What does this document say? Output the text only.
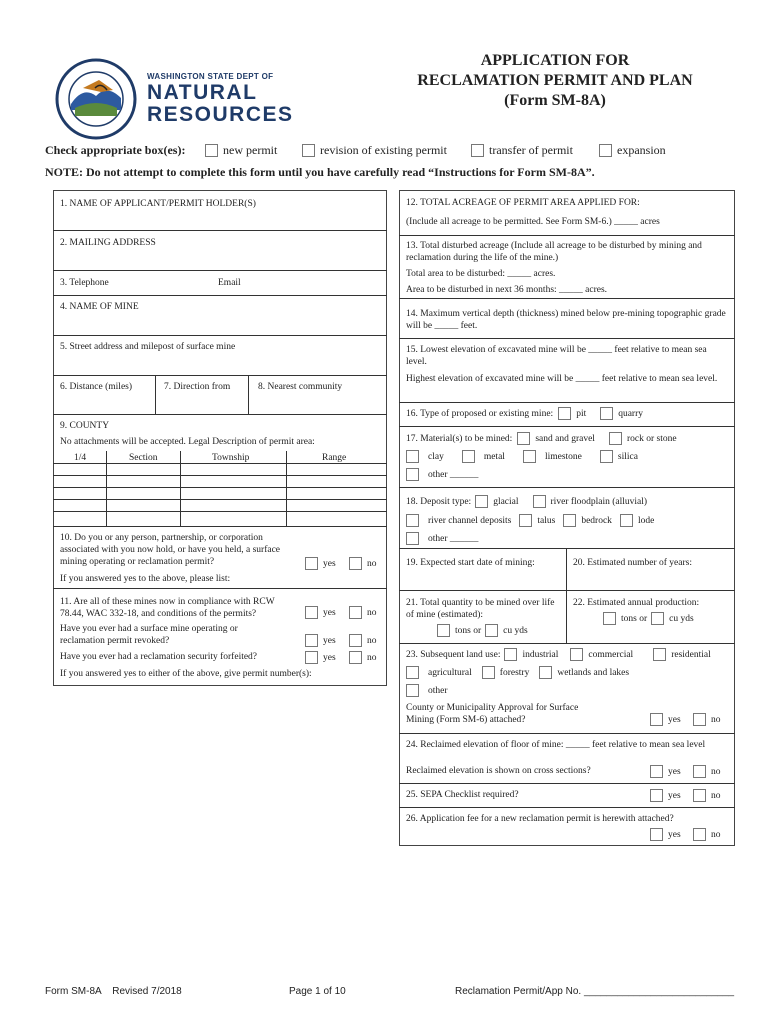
WASHINGTON STATE DEPT OF
NATURAL
RESOURCES
APPLICATION FOR
RECLAMATION PERMIT AND PLAN
(Form SM-8A)
Check appropriate box(es):	new permit	revision of existing permit	transfer of permit	expansion
NOTE: Do not attempt to complete this form until you have carefully read “Instructions for Form SM-8A”.
1. NAME OF APPLICANT/PERMIT HOLDER(S)
2. MAILING ADDRESS
3. Telephone	Email
4. NAME OF MINE
5. Street address and milepost of surface mine
6. Distance (miles)	7. Direction from	8. Nearest community
9. COUNTY
No attachments will be accepted. Legal Description of permit area:
1/4	Section	Township	Range
10. Do you or any person, partnership, or corporation associated with you now hold, or have you held, a surface mining operating or reclamation permit?	yes	no
If you answered yes to the above, please list:
11. Are all of these mines now in compliance with RCW 78.44, WAC 332-18, and conditions of the permits?	yes	no
Have you ever had a surface mine operating or reclamation permit revoked?	yes	no
Have you ever had a reclamation security forfeited?	yes	no
If you answered yes to either of the above, give permit number(s):
12. TOTAL ACREAGE OF PERMIT AREA APPLIED FOR:
(Include all acreage to be permitted. See Form SM-6.) _____ acres
13. Total disturbed acreage (Include all acreage to be disturbed by mining and reclamation during the life of the mine.)
Total area to be disturbed: _____ acres.
Area to be disturbed in next 36 months: _____ acres.
14. Maximum vertical depth (thickness) mined below pre-mining topographic grade will be _____ feet.
15. Lowest elevation of excavated mine will be _____ feet relative to mean sea level.
Highest elevation of excavated mine will be _____ feet relative to mean sea level.
16. Type of proposed or existing mine: pit	quarry
17. Material(s) to be mined: sand and gravel	rock or stone
clay	metal	limestone	silica
other ______
18. Deposit type: glacial	river floodplain (alluvial)
river channel deposits	talus	bedrock	lode
other ______
19. Expected start date of mining:	20. Estimated number of years:
21. Total quantity to be mined over life of mine (estimated):
tons or cu yds
22. Estimated annual production:
tons or cu yds
23. Subsequent land use: industrial	commercial	residential
agricultural	forestry	wetlands and lakes
other
County or Municipality Approval for Surface Mining (Form SM-6) attached?	yes	no
24. Reclaimed elevation of floor of mine: _____ feet relative to mean sea level
Reclaimed elevation is shown on cross sections?	yes	no
25. SEPA Checklist required?	yes	no
26. Application fee for a new reclamation permit is herewith attached?
yes	no
Form SM-8A    Revised 7/2018	Page 1 of 10	Reclamation Permit/App No. ___________________________
